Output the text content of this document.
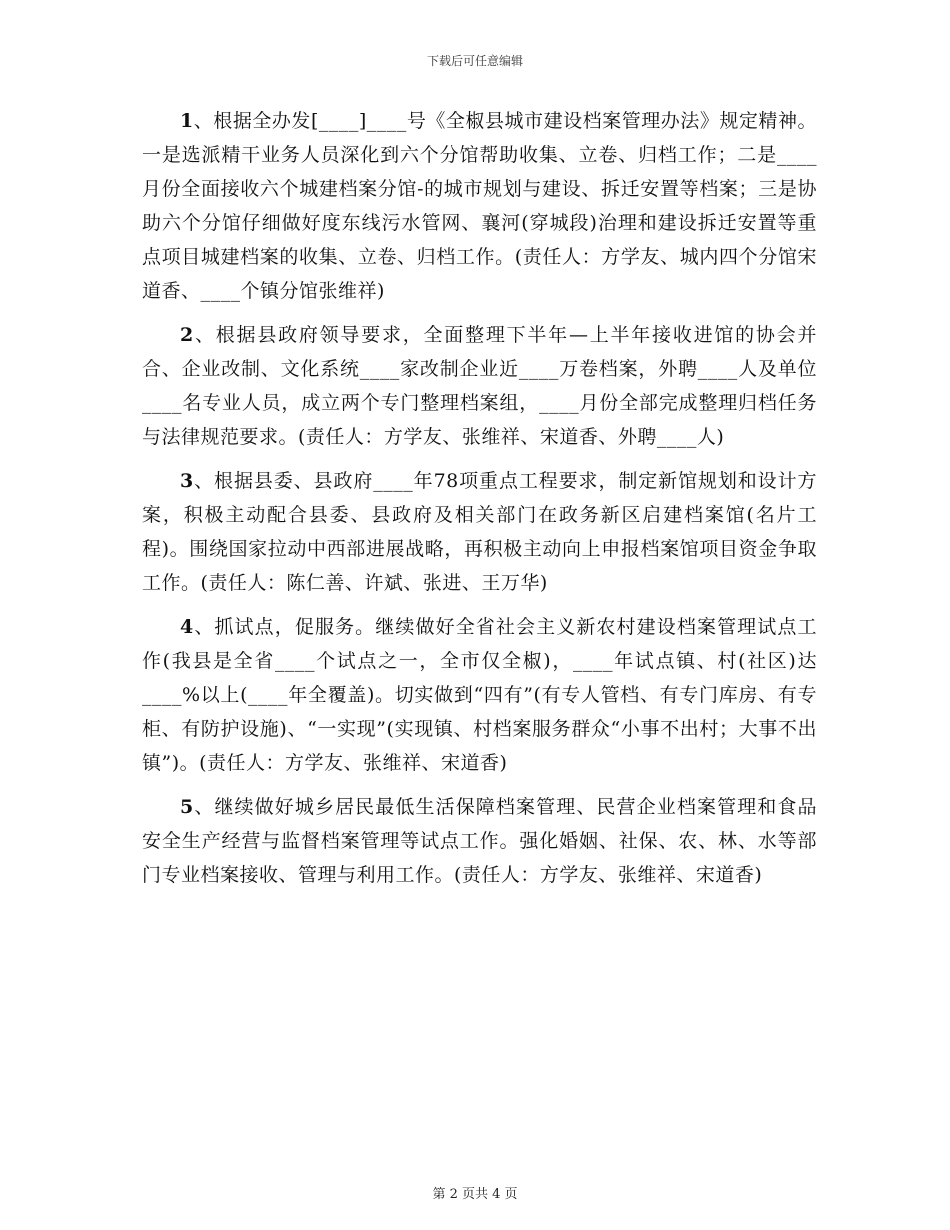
下载后可任意编辑

1、根据全办发[____]____号《全椒县城市建设档案管理办法》规定精神。一是选派精干业务人员深化到六个分馆帮助收集、立卷、归档工作；二是____月份全面接收六个城建档案分馆-的城市规划与建设、拆迁安置等档案；三是协助六个分馆仔细做好度东线污水管网、襄河(穿城段)治理和建设拆迁安置等重点项目城建档案的收集、立卷、归档工作。(责任人：方学友、城内四个分馆宋道香、____个镇分馆张维祥)

2、根据县政府领导要求，全面整理下半年—上半年接收进馆的协会并合、企业改制、文化系统____家改制企业近____万卷档案，外聘____人及单位____名专业人员，成立两个专门整理档案组，____月份全部完成整理归档任务与法律规范要求。(责任人：方学友、张维祥、宋道香、外聘____人)

3、根据县委、县政府____年78项重点工程要求，制定新馆规划和设计方案，积极主动配合县委、县政府及相关部门在政务新区启建档案馆(名片工程)。围绕国家拉动中西部进展战略，再积极主动向上申报档案馆项目资金争取工作。(责任人：陈仁善、许斌、张进、王万华)

4、抓试点，促服务。继续做好全省社会主义新农村建设档案管理试点工作(我县是全省____个试点之一，全市仅全椒)，____年试点镇、村(社区)达____%以上(____年全覆盖)。切实做到“四有”(有专人管档、有专门库房、有专柜、有防护设施)、“一实现”(实现镇、村档案服务群众“小事不出村；大事不出镇”)。(责任人：方学友、张维祥、宋道香)

5、继续做好城乡居民最低生活保障档案管理、民营企业档案管理和食品安全生产经营与监督档案管理等试点工作。强化婚姻、社保、农、林、水等部门专业档案接收、管理与利用工作。(责任人：方学友、张维祥、宋道香)

第 2 页共 4 页
